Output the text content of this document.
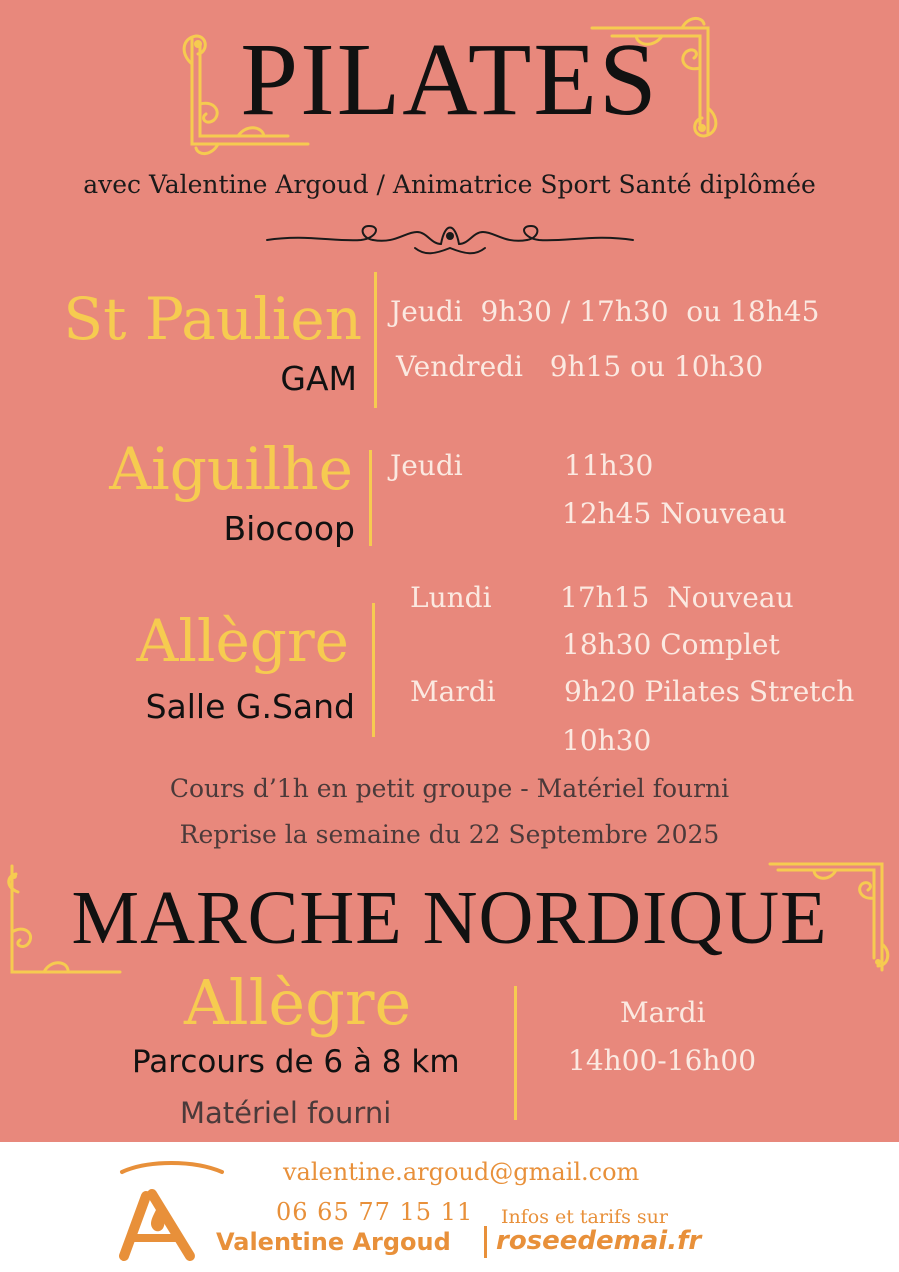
PILATES
avec Valentine Argoud / Animatrice Sport Santé diplômée
St Paulien
GAM
Jeudi  9h30 / 17h30  ou 18h45
Vendredi   9h15 ou 10h30
Aiguilhe
Biocoop
Jeudi	11h30
12h45 Nouveau
Allègre
Salle G.Sand
Lundi 17h15  Nouveau
18h30 Complet
Mardi 9h20 Pilates Stretch
10h30
Cours d’1h en petit groupe - Matériel fourni
Reprise la semaine du 22 Septembre 2025
MARCHE NORDIQUE
Allègre
Parcours de 6 à 8 km
Matériel fourni
Mardi
14h00-16h00
valentine.argoud@gmail.com
06 65 77 15 11 Infos et tarifs sur
Valentine Argoud roseedemai.fr
